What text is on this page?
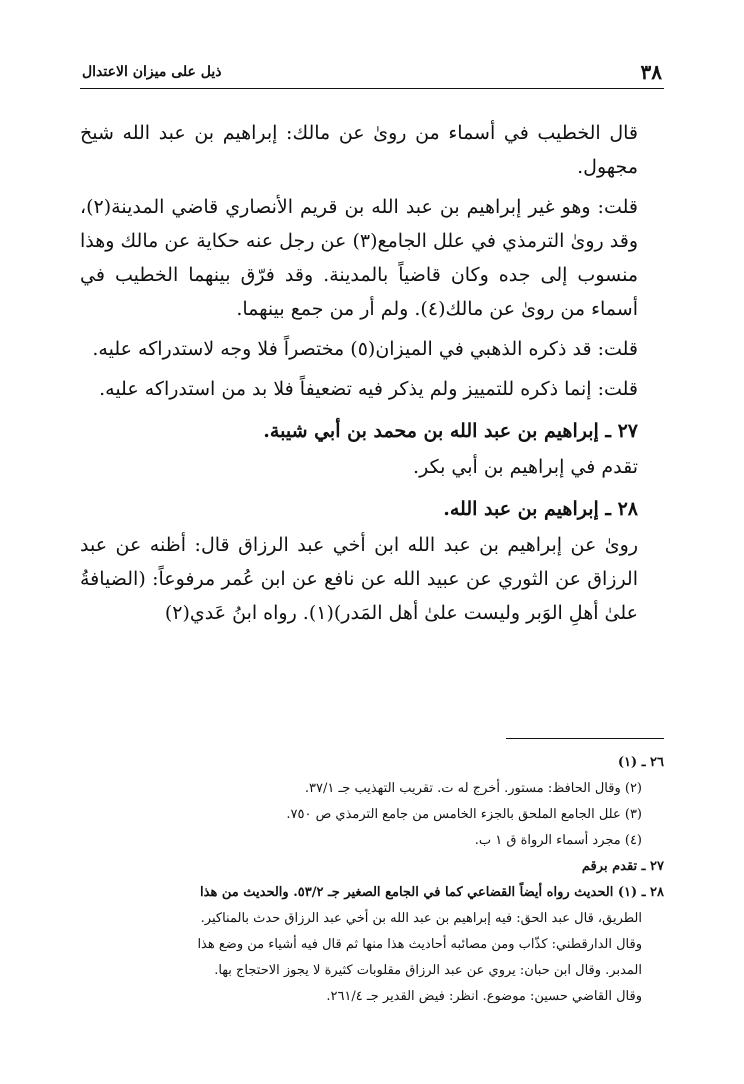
٣٨
ذيل على ميزان الاعتدال

قال الخطيب في أسماء من روىٰ عن مالك: إبراهيم بن عبد الله شيخ مجهول.

قلت: وهو غير إبراهيم بن عبد الله بن قريم الأنصاري قاضي المدينة(٢)، وقد روىٰ الترمذي في علل الجامع(٣) عن رجل عنه حكاية عن مالك وهذا منسوب إلى جده وكان قاضياً بالمدينة. وقد فرّق بينهما الخطيب في أسماء من روىٰ عن مالك(٤). ولم أر من جمع بينهما.

قلت: قد ذكره الذهبي في الميزان(٥) مختصراً فلا وجه لاستدراكه عليه.

قلت: إنما ذكره للتمييز ولم يذكر فيه تضعيفاً فلا بد من استدراكه عليه.

٢٧ ـ إبراهيم بن عبد الله بن محمد بن أبي شيبة.

تقدم في إبراهيم بن أبي بكر.

٢٨ ـ إبراهيم بن عبد الله.

روىٰ عن إبراهيم بن عبد الله ابن أخي عبد الرزاق قال: أظنه عن عبد الرزاق عن الثوري عن عبيد الله عن نافع عن ابن عُمر مرفوعاً: (الضيافةُ علىٰ أهلِ الوَبر وليست علىٰ أهل المَدر)(١). رواه ابنُ عَدي(٢)

٢٦ ـ (١)

(٢) وقال الحافظ: مستور. أخرج له ت. تقريب التهذيب جـ ٣٧/١.

(٣) علل الجامع الملحق بالجزء الخامس من جامع الترمذي ص ٧٥٠.

(٤) مجرد أسماء الرواة ق ١ ب.

٢٧ ـ تقدم برقم

٢٨ ـ (١) الحديث رواه أيضاً القضاعي كما في الجامع الصغير جـ ٥٣/٢. والحديث من هذا

الطريق، قال عبد الحق: فيه إبراهيم بن عبد الله بن أخي عبد الرزاق حدث بالمناكير.

وقال الدارقطني: كذّاب ومن مصائبه أحاديث هذا منها ثم قال فيه أشياء من وضع هذا

المدبر. وقال ابن حبان: يروي عن عبد الرزاق مقلوبات كثيرة لا يجوز الاحتجاج بها.

وقال القاضي حسين: موضوع. انظر: فيض القدير جـ ٢٦١/٤.
